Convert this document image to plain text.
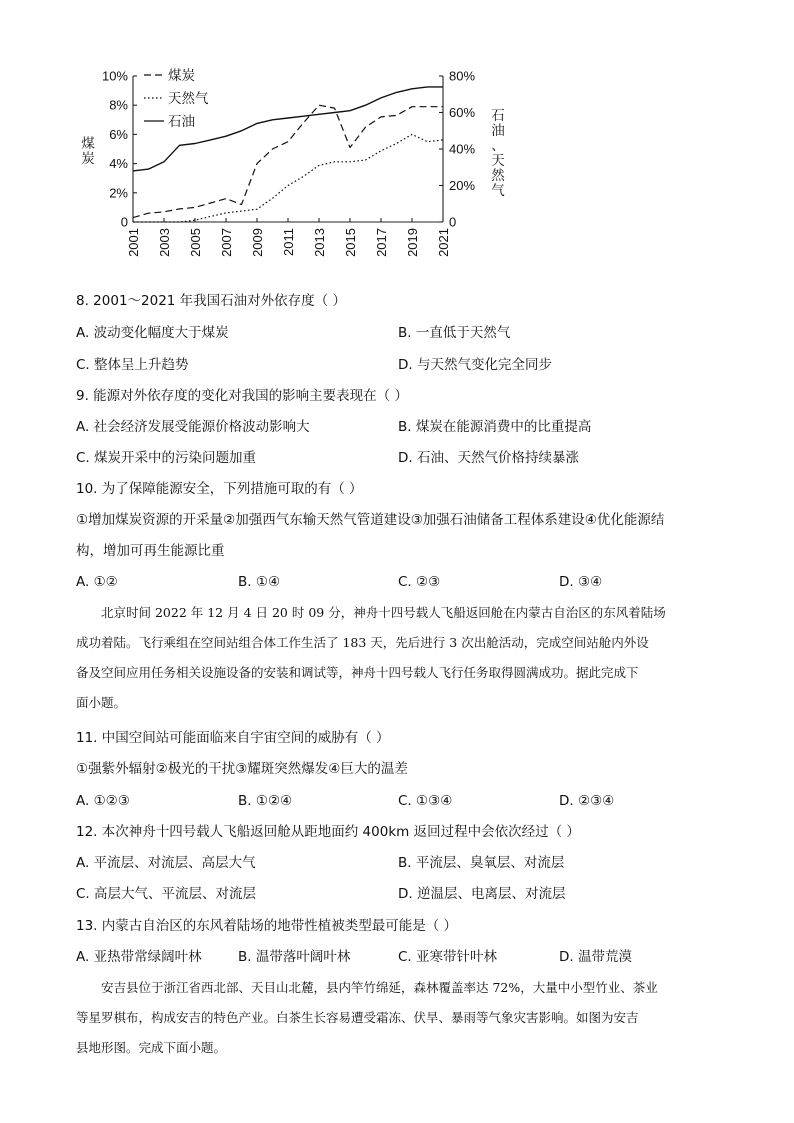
10%
8%
6%
4%
2%
0
80%
60%
40%
20%
0
2001 2003 2005 2007 2009 2011 2013 2015 2017 2019 2021
煤
炭
石
油
、
天
然
气
煤炭
天然气
石油
8. 2001～2021 年我国石油对外依存度（ ）
A. 波动变化幅度大于煤炭	B. 一直低于天然气
C. 整体呈上升趋势	D. 与天然气变化完全同步
9. 能源对外依存度的变化对我国的影响主要表现在（ ）
A. 社会经济发展受能源价格波动影响大	B. 煤炭在能源消费中的比重提高
C. 煤炭开采中的污染问题加重	D. 石油、天然气价格持续暴涨
10. 为了保障能源安全，下列措施可取的有（ ）
①增加煤炭资源的开采量②加强西气东输天然气管道建设③加强石油储备工程体系建设④优化能源结
构，增加可再生能源比重
A. ①②	B. ①④	C. ②③	D. ③④
北京时间 2022 年 12 月 4 日 20 时 09 分，神舟十四号载人飞船返回舱在内蒙古自治区的东风着陆场
成功着陆。飞行乘组在空间站组合体工作生活了 183 天，先后进行 3 次出舱活动，完成空间站舱内外设
备及空间应用任务相关设施设备的安装和调试等，神舟十四号载人飞行任务取得圆满成功。据此完成下
面小题。
11. 中国空间站可能面临来自宇宙空间的威胁有（ ）
①强紫外辐射②极光的干扰③耀斑突然爆发④巨大的温差
A. ①②③	B. ①②④	C. ①③④	D. ②③④
12. 本次神舟十四号载人飞船返回舱从距地面约 400km 返回过程中会依次经过（ ）
A. 平流层、对流层、高层大气	B. 平流层、臭氧层、对流层
C. 高层大气、平流层、对流层	D. 逆温层、电离层、对流层
13. 内蒙古自治区的东风着陆场的地带性植被类型最可能是（ ）
A. 亚热带常绿阔叶林	B. 温带落叶阔叶林	C. 亚寒带针叶林	D. 温带荒漠
安吉县位于浙江省西北部、天目山北麓，县内竿竹绵延，森林覆盖率达 72%，大量中小型竹业、茶业
等星罗棋布，构成安吉的特色产业。白茶生长容易遭受霜冻、伏旱、暴雨等气象灾害影响。如图为安吉
县地形图。完成下面小题。
